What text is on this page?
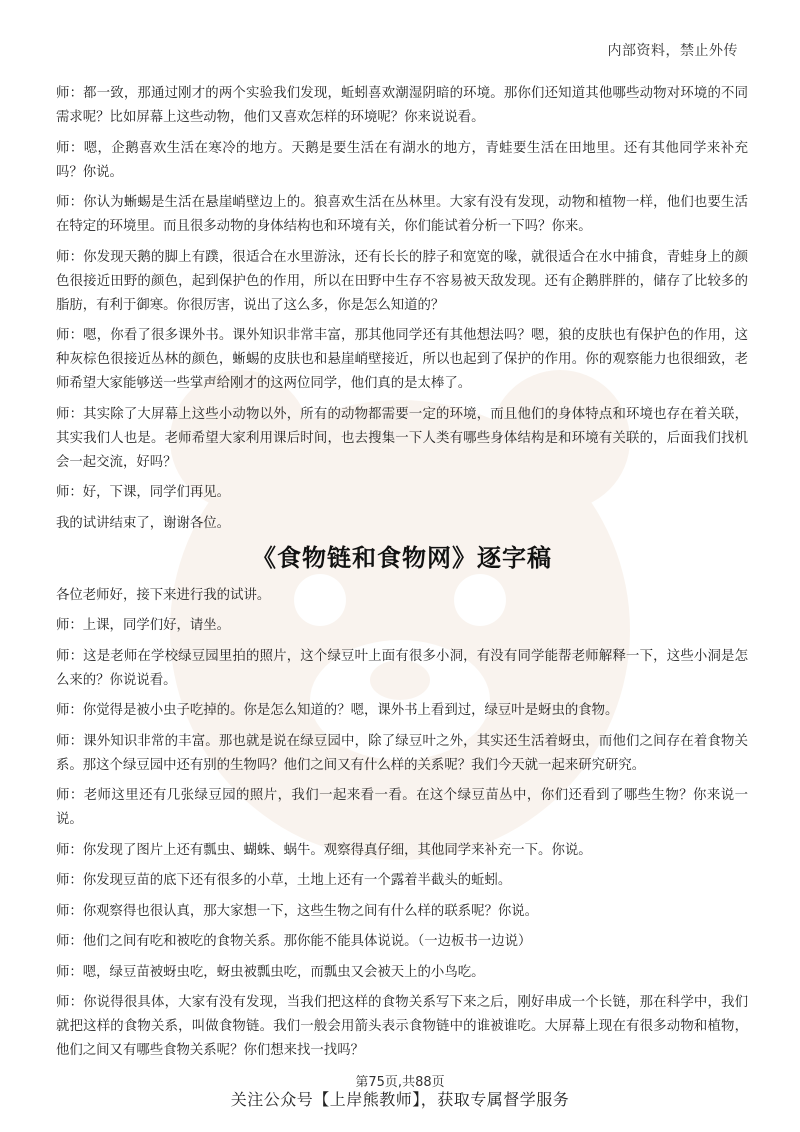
内部资料，禁止外传

师：都一致，那通过刚才的两个实验我们发现，蚯蚓喜欢潮湿阴暗的环境。那你们还知道其他哪些动物对环境的不同需求呢？比如屏幕上这些动物，他们又喜欢怎样的环境呢？你来说说看。

师：嗯，企鹅喜欢生活在寒冷的地方。天鹅是要生活在有湖水的地方，青蛙要生活在田地里。还有其他同学来补充吗？你说。

师：你认为蜥蜴是生活在悬崖峭壁边上的。狼喜欢生活在丛林里。大家有没有发现，动物和植物一样，他们也要生活在特定的环境里。而且很多动物的身体结构也和环境有关，你们能试着分析一下吗？你来。

师：你发现天鹅的脚上有蹼，很适合在水里游泳，还有长长的脖子和宽宽的喙，就很适合在水中捕食，青蛙身上的颜色很接近田野的颜色，起到保护色的作用，所以在田野中生存不容易被天敌发现。还有企鹅胖胖的，储存了比较多的脂肪，有利于御寒。你很厉害，说出了这么多，你是怎么知道的？

师：嗯，你看了很多课外书。课外知识非常丰富，那其他同学还有其他想法吗？嗯，狼的皮肤也有保护色的作用，这种灰棕色很接近丛林的颜色，蜥蜴的皮肤也和悬崖峭壁接近，所以也起到了保护的作用。你的观察能力也很细致，老师希望大家能够送一些掌声给刚才的这两位同学，他们真的是太棒了。

师：其实除了大屏幕上这些小动物以外，所有的动物都需要一定的环境，而且他们的身体特点和环境也存在着关联，其实我们人也是。老师希望大家利用课后时间，也去搜集一下人类有哪些身体结构是和环境有关联的，后面我们找机会一起交流，好吗？

师：好，下课，同学们再见。

我的试讲结束了，谢谢各位。

《食物链和食物网》逐字稿

各位老师好，接下来进行我的试讲。

师：上课，同学们好，请坐。

师：这是老师在学校绿豆园里拍的照片，这个绿豆叶上面有很多小洞，有没有同学能帮老师解释一下，这些小洞是怎么来的？你说说看。

师：你觉得是被小虫子吃掉的。你是怎么知道的？嗯，课外书上看到过，绿豆叶是蚜虫的食物。

师：课外知识非常的丰富。那也就是说在绿豆园中，除了绿豆叶之外，其实还生活着蚜虫，而他们之间存在着食物关系。那这个绿豆园中还有别的生物吗？他们之间又有什么样的关系呢？我们今天就一起来研究研究。

师：老师这里还有几张绿豆园的照片，我们一起来看一看。在这个绿豆苗丛中，你们还看到了哪些生物？你来说一说。

师：你发现了图片上还有瓢虫、蝴蛛、蜗牛。观察得真仔细，其他同学来补充一下。你说。

师：你发现豆苗的底下还有很多的小草，土地上还有一个露着半截头的蚯蚓。

师：你观察得也很认真，那大家想一下，这些生物之间有什么样的联系呢？你说。

师：他们之间有吃和被吃的食物关系。那你能不能具体说说。（一边板书一边说）

师：嗯，绿豆苗被蚜虫吃，蚜虫被瓢虫吃，而瓢虫又会被天上的小鸟吃。

师：你说得很具体，大家有没有发现，当我们把这样的食物关系写下来之后，刚好串成一个长链，那在科学中，我们就把这样的食物关系，叫做食物链。我们一般会用箭头表示食物链中的谁被谁吃。大屏幕上现在有很多动物和植物，他们之间又有哪些食物关系呢？你们想来找一找吗？

第75页,共88页
关注公众号【上岸熊教师】，获取专属督学服务
